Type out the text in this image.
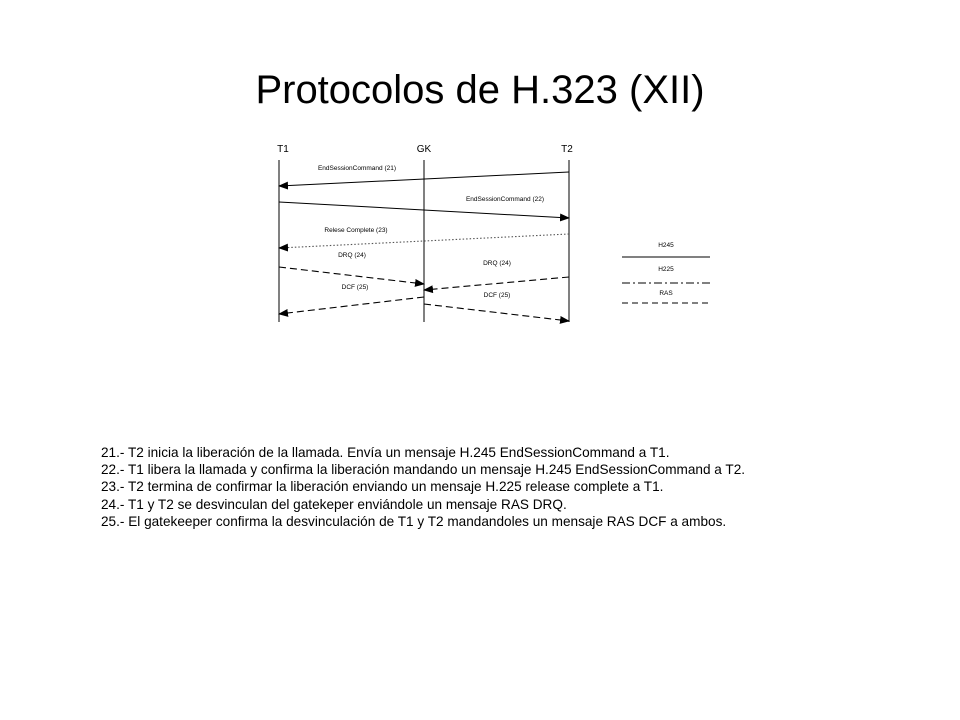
Protocolos de H.323 (XII)
T1	GK	T2
EndSessionCommand (21)
EndSessionCommand (22)
Relese Complete (23)
DRQ (24)
DRQ (24)
DCF (25)
DCF (25)
H245
H225
RAS
21.- T2 inicia la liberación de la llamada. Envía un mensaje H.245 EndSessionCommand a T1.
22.- T1 libera la llamada y confirma la liberación mandando un mensaje H.245 EndSessionCommand a T2.
23.- T2 termina de confirmar la liberación enviando un mensaje H.225 release complete a T1.
24.- T1 y T2 se desvinculan del gatekeper enviándole un mensaje RAS DRQ.
25.- El gatekeeper confirma la desvinculación de T1 y T2 mandandoles un mensaje RAS DCF a ambos.
